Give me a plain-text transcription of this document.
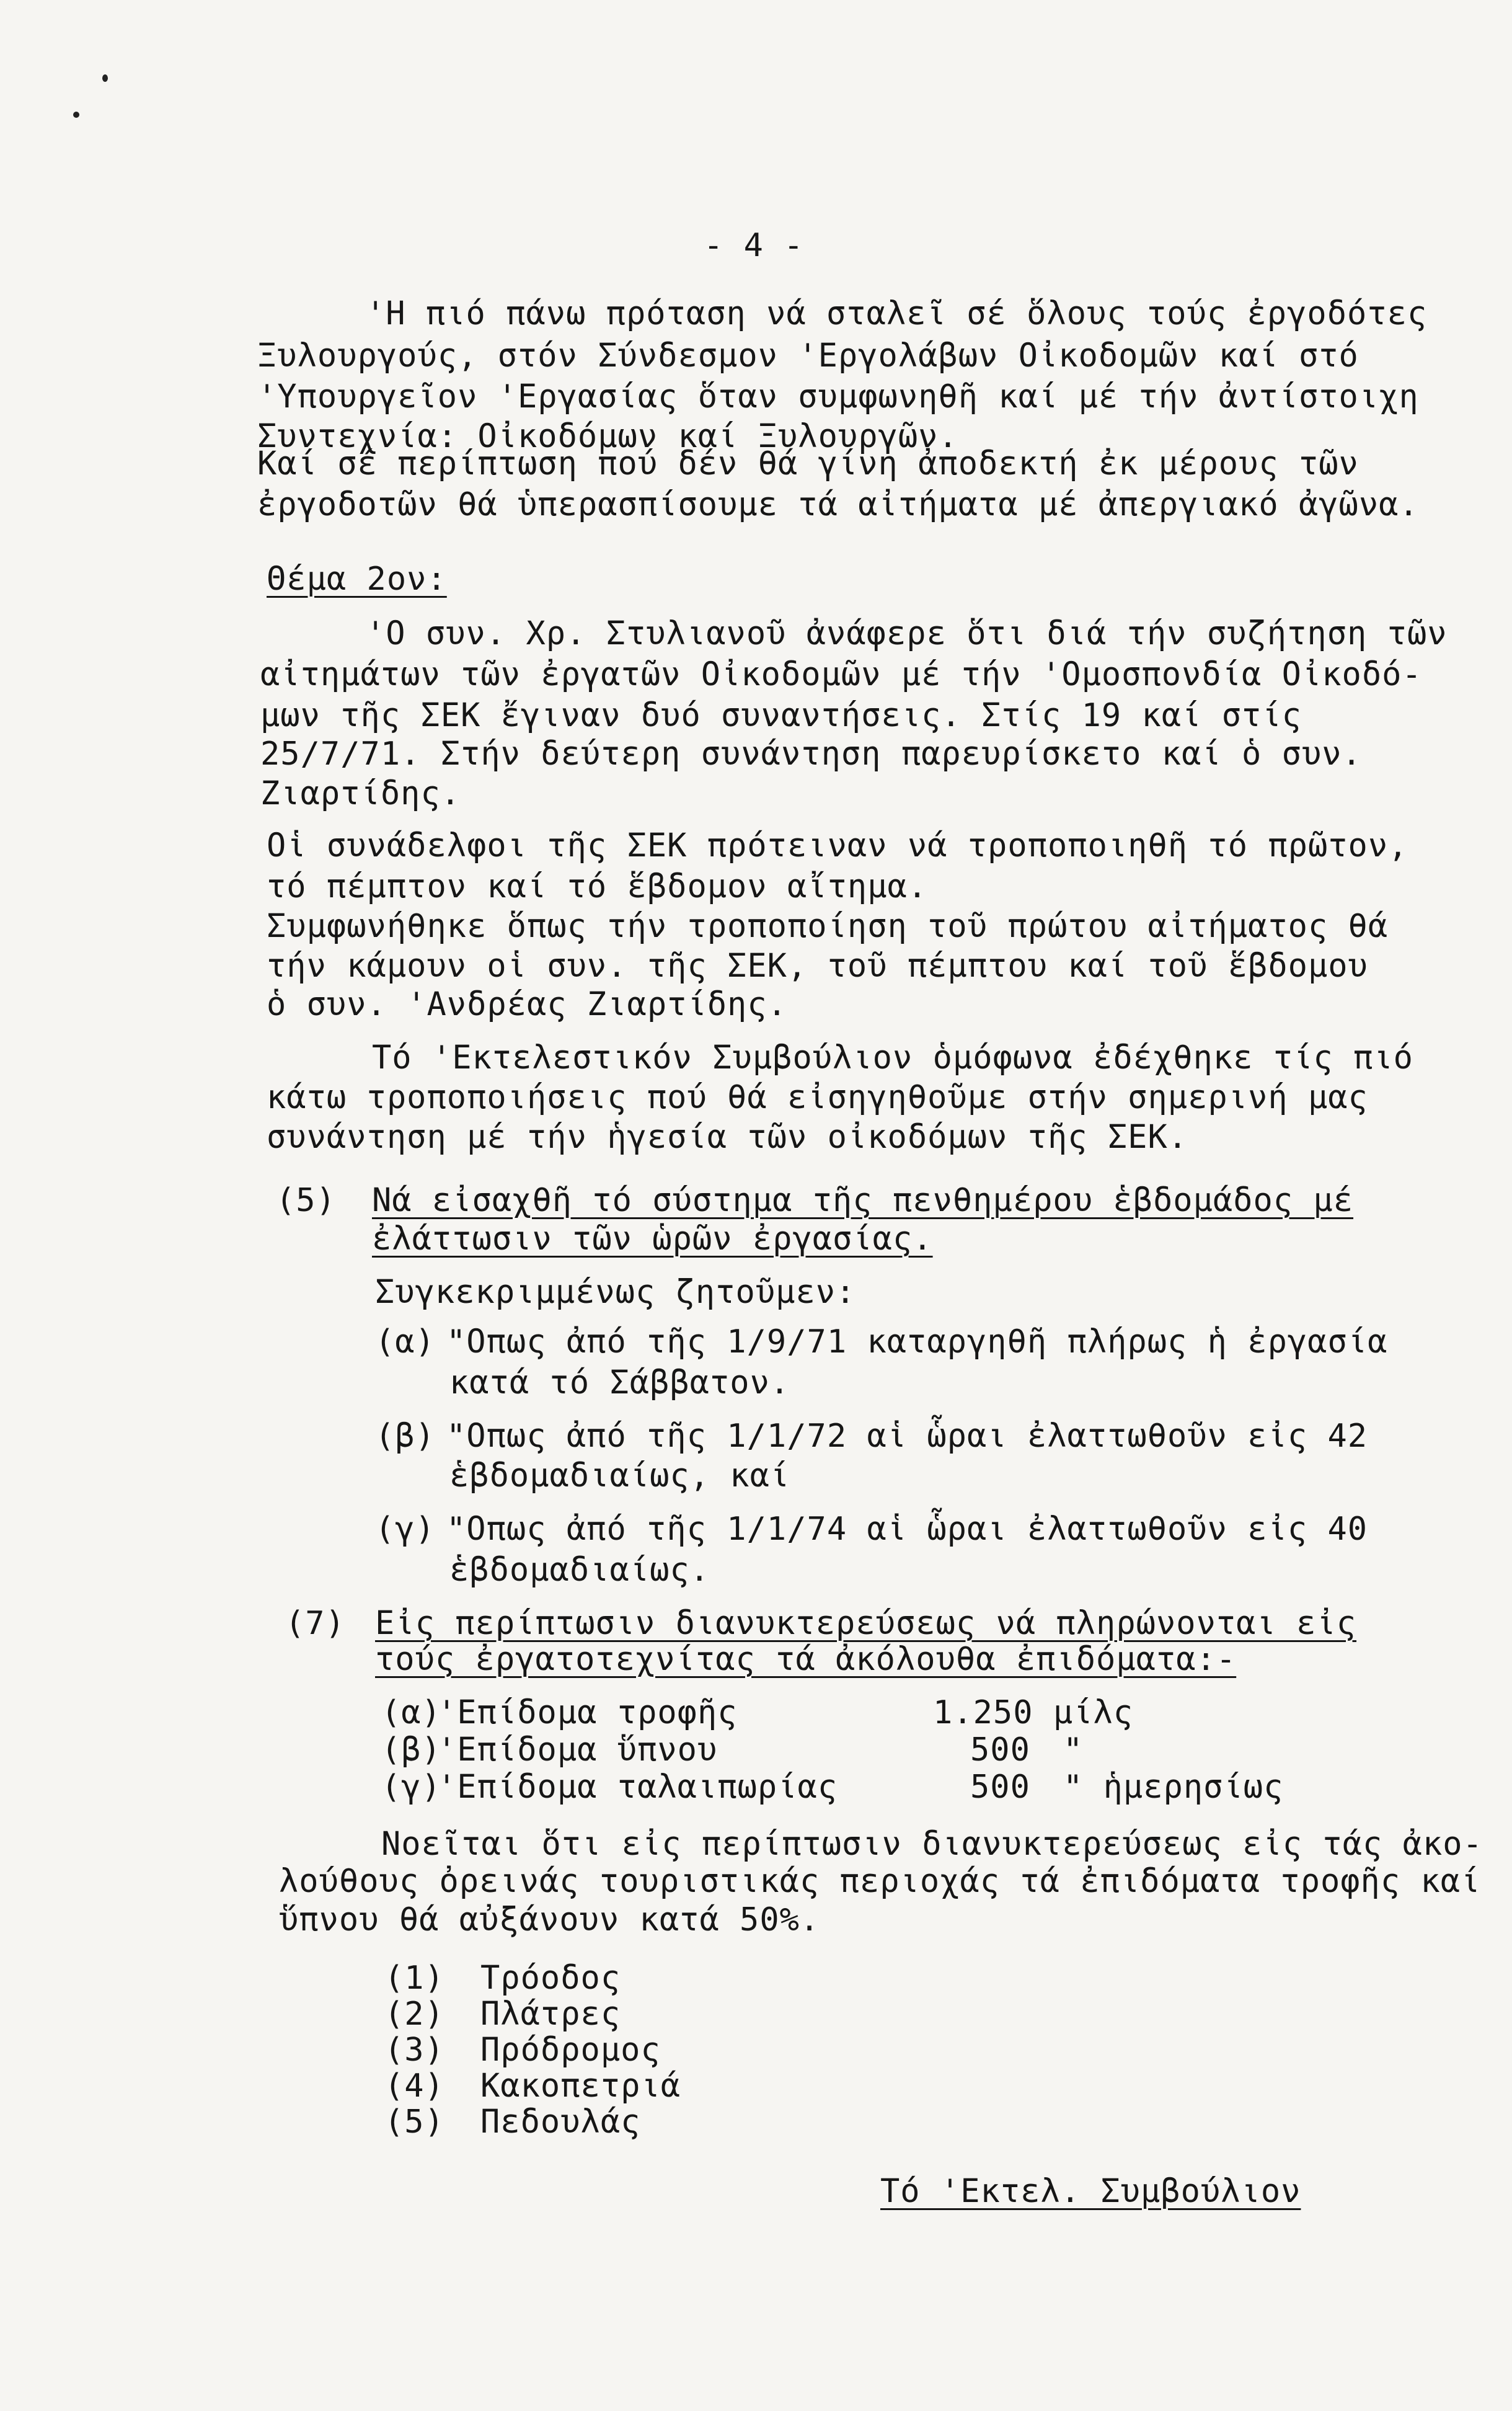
- 4 -
'Η πιό πάνω πρόταση νά σταλεῖ σέ ὅλους τούς ἐργοδότες
Ξυλουργούς, στόν Σύνδεσμον 'Εργολάβων Οἰκοδομῶν καί στό
'Υπουργεῖον 'Εργασίας ὅταν συμφωνηθῆ καί μέ τήν ἀντίστοιχη
Συντεχνία: Οἰκοδόμων καί Ξυλουργῶν.
Καί σέ περίπτωση πού δέν θά γίνη ἀποδεκτή ἐκ μέρους τῶν
ἐργοδοτῶν θά ὑπερασπίσουμε τά αἰτήματα μέ ἀπεργιακό ἀγῶνα.
Θέμα 2ον:
'Ο συν. Χρ. Στυλιανοῦ ἀνάφερε ὅτι διά τήν συζήτηση τῶν
αἰτημάτων τῶν ἐργατῶν Οἰκοδομῶν μέ τήν 'Ομοσπονδία Οἰκοδό-
μων τῆς ΣΕΚ ἔγιναν δυό συναντήσεις. Στίς 19 καί στίς
25/7/71. Στήν δεύτερη συνάντηση παρευρίσκετο καί ὁ συν.
Ζιαρτίδης.
Οἱ συνάδελφοι τῆς ΣΕΚ πρότειναν νά τροποποιηθῆ τό πρῶτον,
τό πέμπτον καί τό ἕβδομον αἴτημα.
Συμφωνήθηκε ὅπως τήν τροποποίηση τοῦ πρώτου αἰτήματος θά
τήν κάμουν οἱ συν. τῆς ΣΕΚ, τοῦ πέμπτου καί τοῦ ἕβδομου
ὁ συν. 'Ανδρέας Ζιαρτίδης.
Τό 'Εκτελεστικόν Συμβούλιον ὁμόφωνα ἐδέχθηκε τίς πιό
κάτω τροποποιήσεις πού θά εἰσηγηθοῦμε στήν σημερινή μας
συνάντηση μέ τήν ἡγεσία τῶν οἰκοδόμων τῆς ΣΕΚ.
(5) Νά εἰσαχθῆ τό σύστημα τῆς πενθημέρου ἑβδομάδος μέ
ἐλάττωσιν τῶν ὡρῶν ἐργασίας.
Συγκεκριμμένως ζητοῦμεν:
(α) "Οπως ἀπό τῆς 1/9/71 καταργηθῆ πλήρως ἡ ἐργασία
κατά τό Σάββατον.
(β) "Οπως ἀπό τῆς 1/1/72 αἱ ὧραι ἐλαττωθοῦν εἰς 42
ἑβδομαδιαίως, καί
(γ) "Οπως ἀπό τῆς 1/1/74 αἱ ὧραι ἐλαττωθοῦν εἰς 40
ἑβδομαδιαίως.
(7) Εἰς περίπτωσιν διανυκτερεύσεως νά πληρώνονται εἰς
τούς ἐργατοτεχνίτας τά ἀκόλουθα ἐπιδόματα:-
(α)
'Επίδομα τροφῆς	1.250 μίλς
(β)
'Επίδομα ὕπνου	500 "
(γ)
'Επίδομα ταλαιπωρίας	500 " ἡμερησίως
Νοεῖται ὅτι εἰς περίπτωσιν διανυκτερεύσεως εἰς τάς ἀκο-
λούθους ὀρεινάς τουριστικάς περιοχάς τά ἐπιδόματα τροφῆς καί
ὕπνου θά αὐξάνουν κατά 50%.
(1) Τρόοδος
(2) Πλάτρες
(3) Πρόδρομος
(4) Κακοπετριά
(5) Πεδουλάς
Τό 'Εκτελ. Συμβούλιον
